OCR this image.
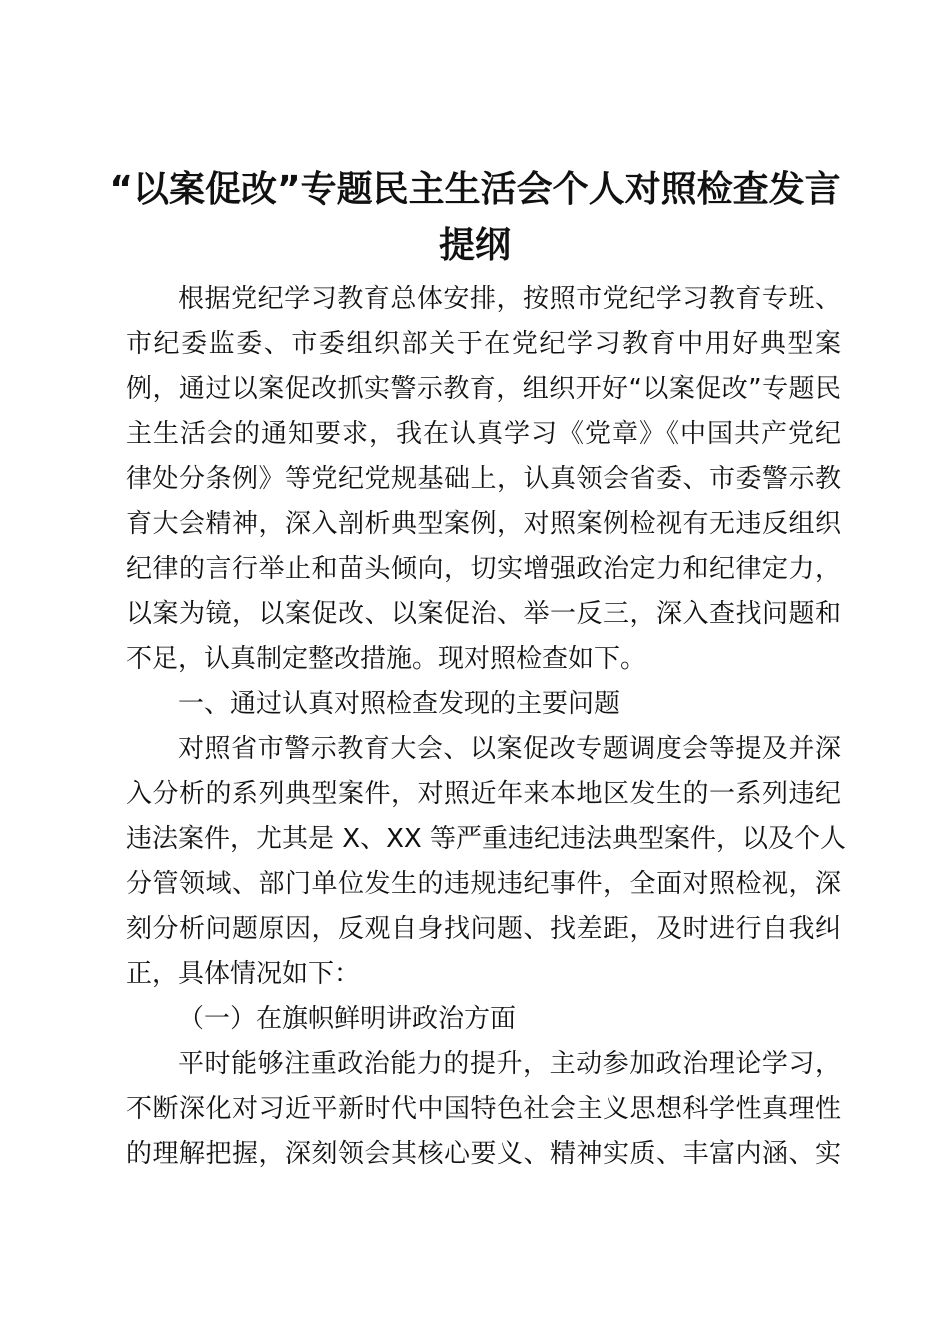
“以案促改”专题民主生活会个人对照检查发言
提纲

根据党纪学习教育总体安排，按照市党纪学习教育专班、

市纪委监委、市委组织部关于在党纪学习教育中用好典型案

例，通过以案促改抓实警示教育，组织开好“以案促改”专题民

主生活会的通知要求，我在认真学习《党章》《中国共产党纪

律处分条例》等党纪党规基础上，认真领会省委、市委警示教

育大会精神，深入剖析典型案例，对照案例检视有无违反组织

纪律的言行举止和苗头倾向，切实增强政治定力和纪律定力，

以案为镜，以案促改、以案促治、举一反三，深入查找问题和

不足，认真制定整改措施。现对照检查如下。

一、通过认真对照检查发现的主要问题

对照省市警示教育大会、以案促改专题调度会等提及并深

入分析的系列典型案件，对照近年来本地区发生的一系列违纪

违法案件，尤其是 X、XX 等严重违纪违法典型案件，以及个人

分管领域、部门单位发生的违规违纪事件，全面对照检视，深

刻分析问题原因，反观自身找问题、找差距，及时进行自我纠

正，具体情况如下：

（一）在旗帜鲜明讲政治方面

平时能够注重政治能力的提升，主动参加政治理论学习，

不断深化对习近平新时代中国特色社会主义思想科学性真理性

的理解把握，深刻领会其核心要义、精神实质、丰富内涵、实
